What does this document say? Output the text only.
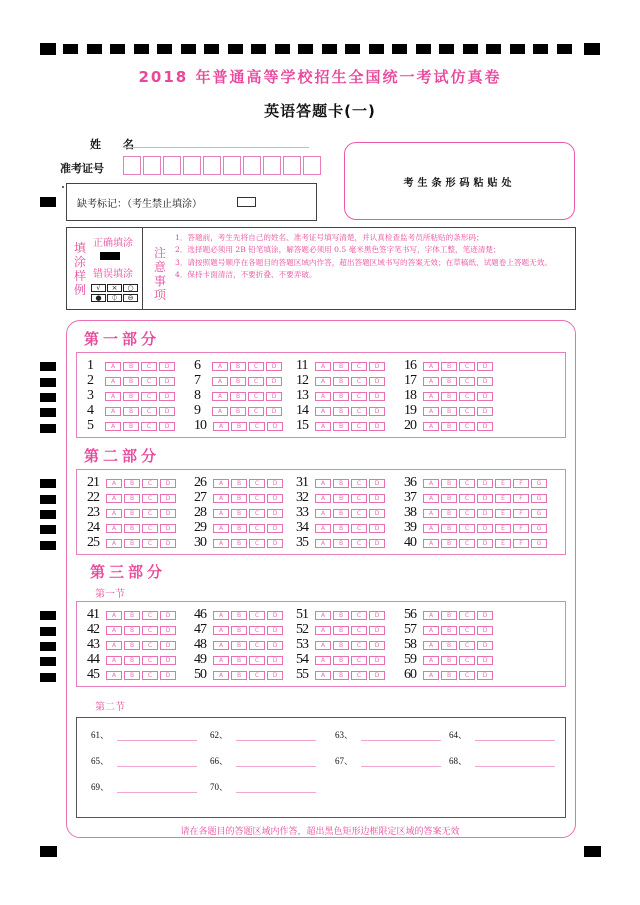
2018 年普通高等学校招生全国统一考试仿真卷
英语答题卡(一)
姓　　名
准考证号
考生条形码粘贴处
缺考标记：（考生禁止填涂）
填
涂
样
例
正确填涂
错误填涂
√	×	○
●	⏀	⊖
注
意
事
项
1．答题前，考生先将自己的姓名、准考证号填写清楚，并认真检查监考员所粘贴的条形码；
2．选择题必须用 2B 铅笔填涂，解答题必须用 0.5 毫米黑色签字笔书写，字体工整，笔迹清楚；
3．请按照题号顺序在各题目的答题区域内作答，超出答题区域书写的答案无效；在草稿纸、试题卷上答题无效。
4．保持卡面清洁，不要折叠、不要弄破。
第一部分
1	A	B	C	D
2	A	B	C	D
3	A	B	C	D
4	A	B	C	D
5	A	B	C	D
6	A	B	C	D
7	A	B	C	D
8	A	B	C	D
9	A	B	C	D
10	A	B	C	D
11	A	B	C	D
12	A	B	C	D
13	A	B	C	D
14	A	B	C	D
15	A	B	C	D
16	A	B	C	D
17	A	B	C	D
18	A	B	C	D
19	A	B	C	D
20	A	B	C	D
第二部分
21	A	B	C	D
22	A	B	C	D
23	A	B	C	D
24	A	B	C	D
25	A	B	C	D
26	A	B	C	D
27	A	B	C	D
28	A	B	C	D
29	A	B	C	D
30	A	B	C	D
31	A	B	C	D
32	A	B	C	D
33	A	B	C	D
34	A	B	C	D
35	A	B	C	D
36	A	B	C	D	E	F	G
37	A	B	C	D	E	F	G
38	A	B	C	D	E	F	G
39	A	B	C	D	E	F	G
40	A	B	C	D	E	F	G
第三部分
第一节
41	A	B	C	D
42	A	B	C	D
43	A	B	C	D
44	A	B	C	D
45	A	B	C	D
46	A	B	C	D
47	A	B	C	D
48	A	B	C	D
49	A	B	C	D
50	A	B	C	D
51	A	B	C	D
52	A	B	C	D
53	A	B	C	D
54	A	B	C	D
55	A	B	C	D
56	A	B	C	D
57	A	B	C	D
58	A	B	C	D
59	A	B	C	D
60	A	B	C	D
第二节
61、	62、	63、	64、
65、	66、	67、	68、
69、	70、
请在各题目的答题区域内作答，超出黑色矩形边框限定区域的答案无效
